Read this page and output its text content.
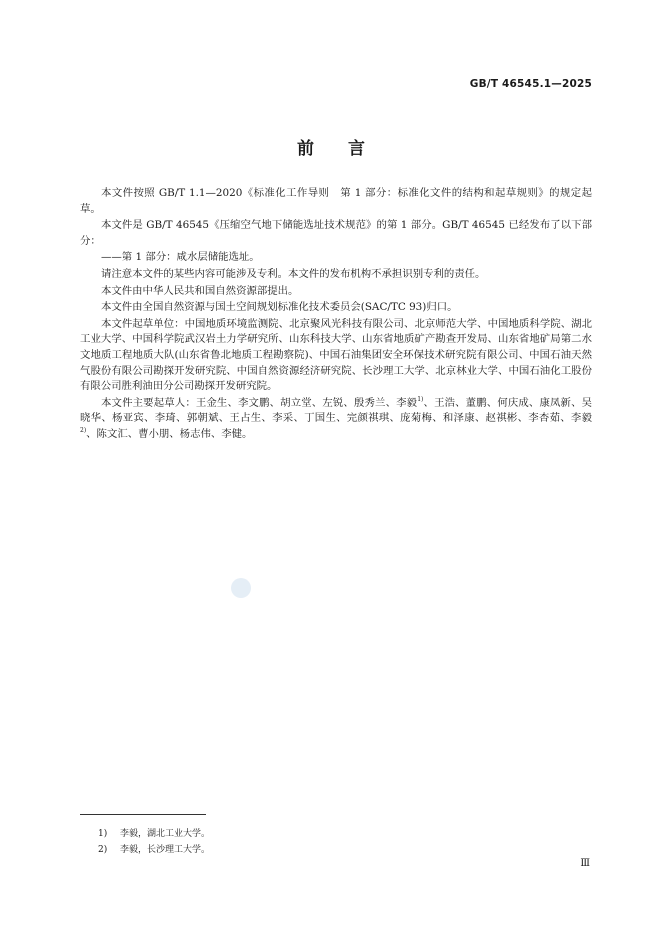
GB/T 46545.1—2025
前言

本文件按照 GB/T 1.1—2020《标准化工作导则　第 1 部分：标准化文件的结构和起草规则》的规定起草。

本文件是 GB/T 46545《压缩空气地下储能选址技术规范》的第 1 部分。GB/T 46545 已经发布了以下部分：

——第 1 部分：咸水层储能选址。

请注意本文件的某些内容可能涉及专利。本文件的发布机构不承担识别专利的责任。

本文件由中华人民共和国自然资源部提出。

本文件由全国自然资源与国土空间规划标准化技术委员会(SAC/TC 93)归口。

本文件起草单位：中国地质环境监测院、北京聚风光科技有限公司、北京师范大学、中国地质科学院、湖北工业大学、中国科学院武汉岩土力学研究所、山东科技大学、山东省地质矿产勘查开发局、山东省地矿局第二水文地质工程地质大队(山东省鲁北地质工程勘察院)、中国石油集团安全环保技术研究院有限公司、中国石油天然气股份有限公司勘探开发研究院、中国自然资源经济研究院、长沙理工大学、北京林业大学、中国石油化工股份有限公司胜利油田分公司勘探开发研究院。

本文件主要起草人：王金生、李文鹏、胡立堂、左锐、殷秀兰、李毅$^{1)}$、王浩、董鹏、何庆成、康凤新、吴晓华、杨亚宾、李琦、郭朝斌、王占生、李采、丁国生、完颜祺琪、庞菊梅、和泽康、赵祺彬、李杏茹、李毅$^{2)}$、陈文汇、曹小朋、杨志伟、李健。

1) 李毅，湖北工业大学。
2) 李毅，长沙理工大学。
Ⅲ
